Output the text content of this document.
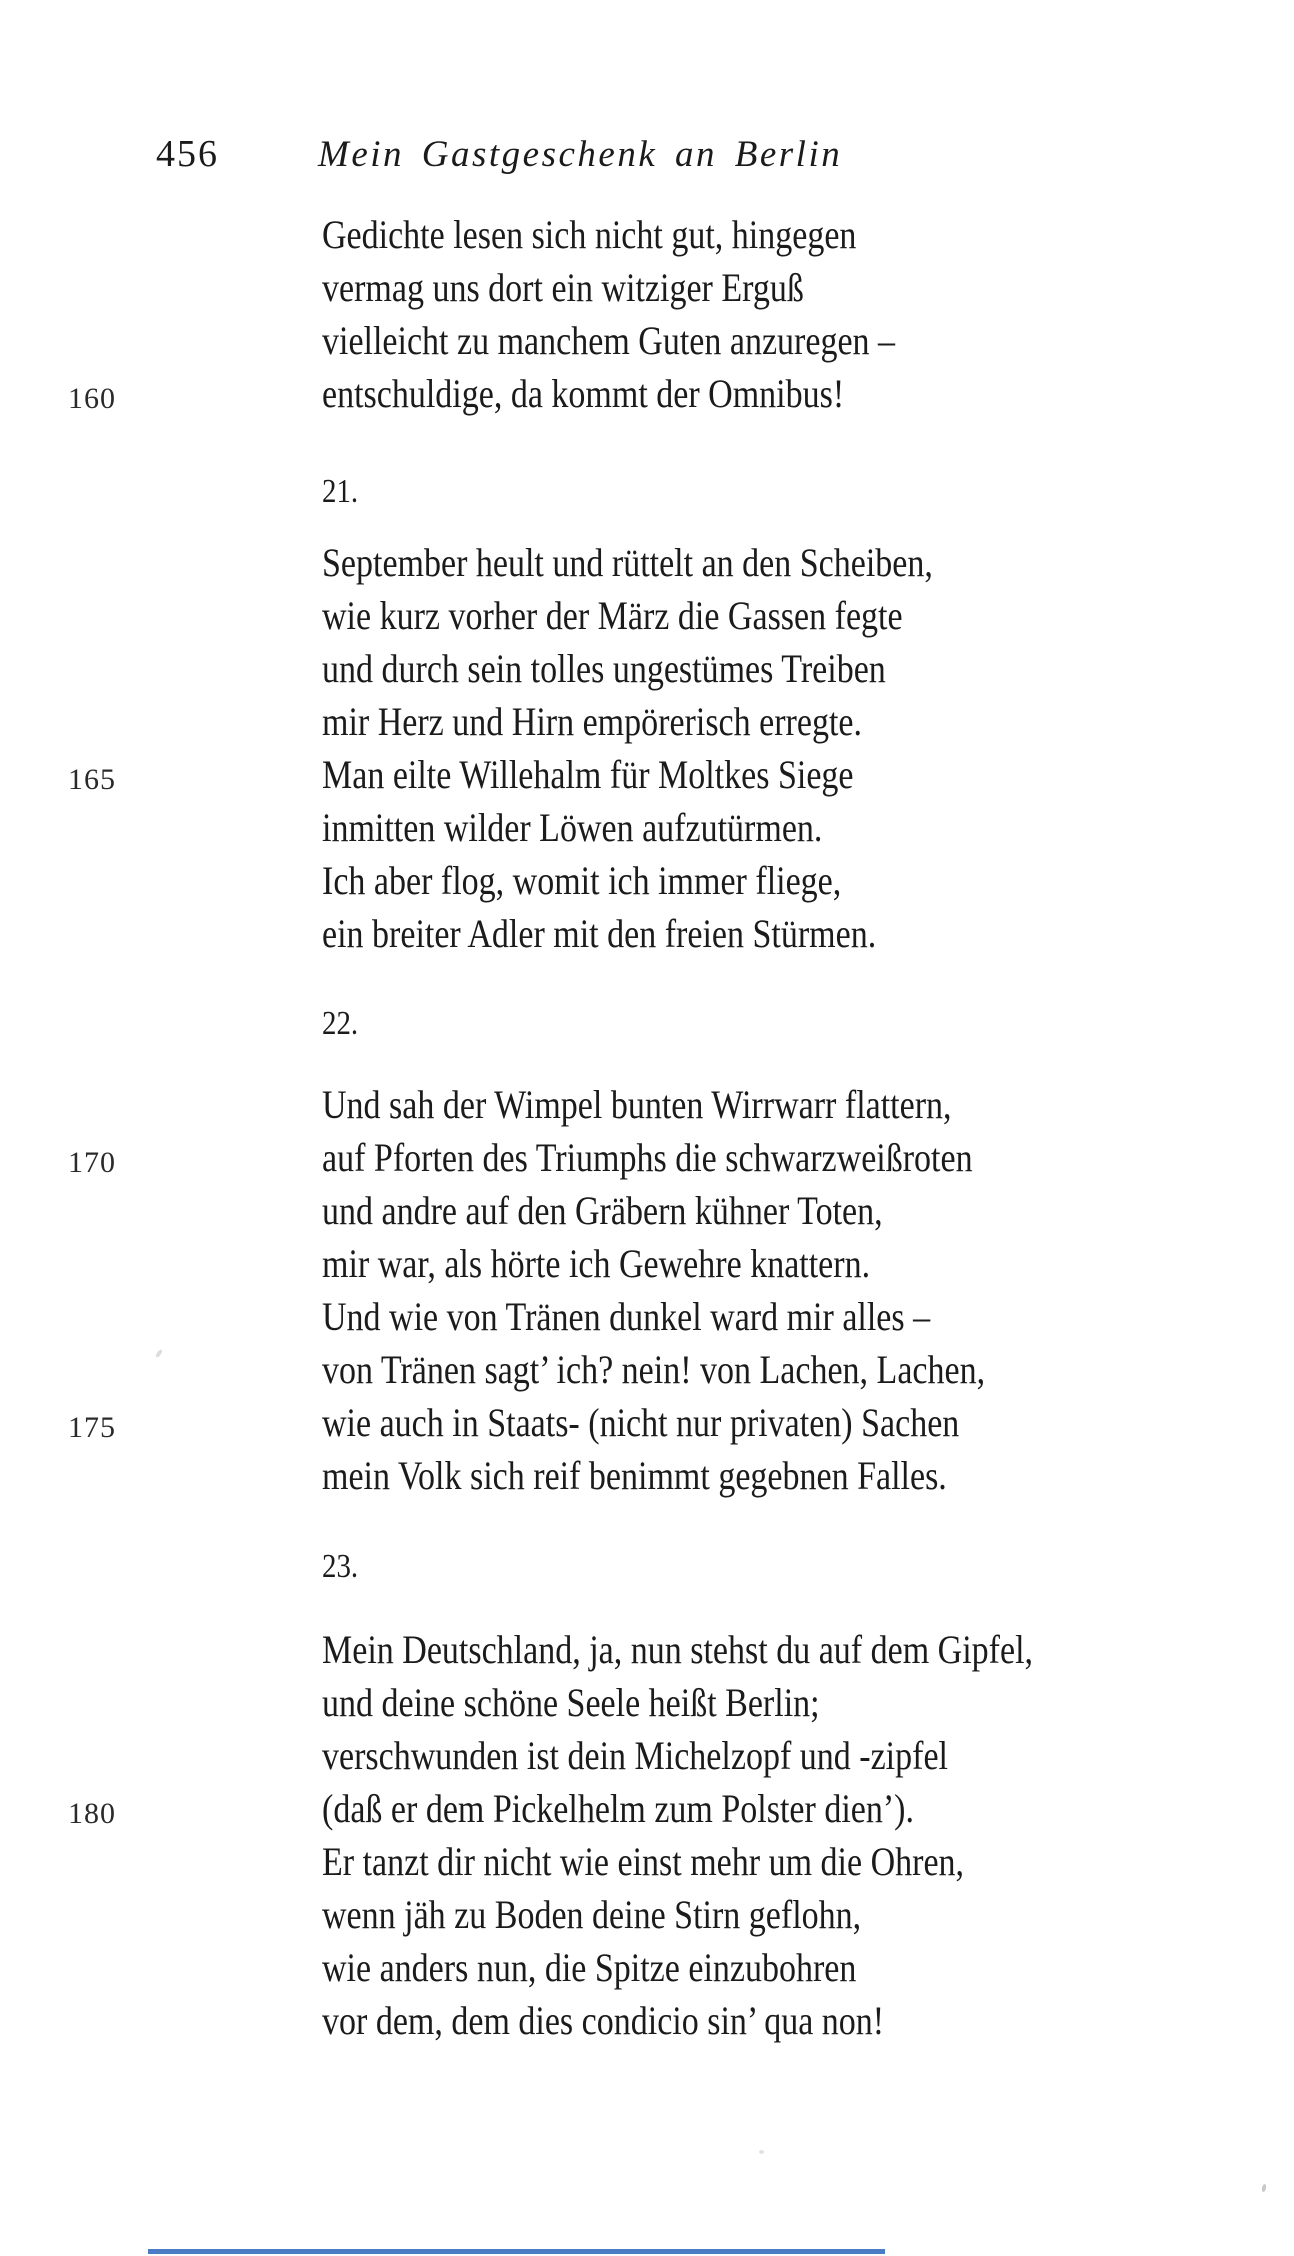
456	Mein Gastgeschenk an Berlin
160
165
170
175
180
Gedichte lesen sich nicht gut, hingegen
vermag uns dort ein witziger Erguß
vielleicht zu manchem Guten anzuregen –
entschuldige, da kommt der Omnibus!
21.
September heult und rüttelt an den Scheiben,
wie kurz vorher der März die Gassen fegte
und durch sein tolles ungestümes Treiben
mir Herz und Hirn empörerisch erregte.
Man eilte Willehalm für Moltkes Siege
inmitten wilder Löwen aufzutürmen.
Ich aber flog, womit ich immer fliege,
ein breiter Adler mit den freien Stürmen.
22.
Und sah der Wimpel bunten Wirrwarr flattern,
auf Pforten des Triumphs die schwarzweißroten
und andre auf den Gräbern kühner Toten,
mir war, als hörte ich Gewehre knattern.
Und wie von Tränen dunkel ward mir alles –
von Tränen sagt’ ich? nein! von Lachen, Lachen,
wie auch in Staats- (nicht nur privaten) Sachen
mein Volk sich reif benimmt gegebnen Falles.
23.
Mein Deutschland, ja, nun stehst du auf dem Gipfel,
und deine schöne Seele heißt Berlin;
verschwunden ist dein Michelzopf und -zipfel
(daß er dem Pickelhelm zum Polster dien’).
Er tanzt dir nicht wie einst mehr um die Ohren,
wenn jäh zu Boden deine Stirn geflohn,
wie anders nun, die Spitze einzubohren
vor dem, dem dies condicio sin’ qua non!
